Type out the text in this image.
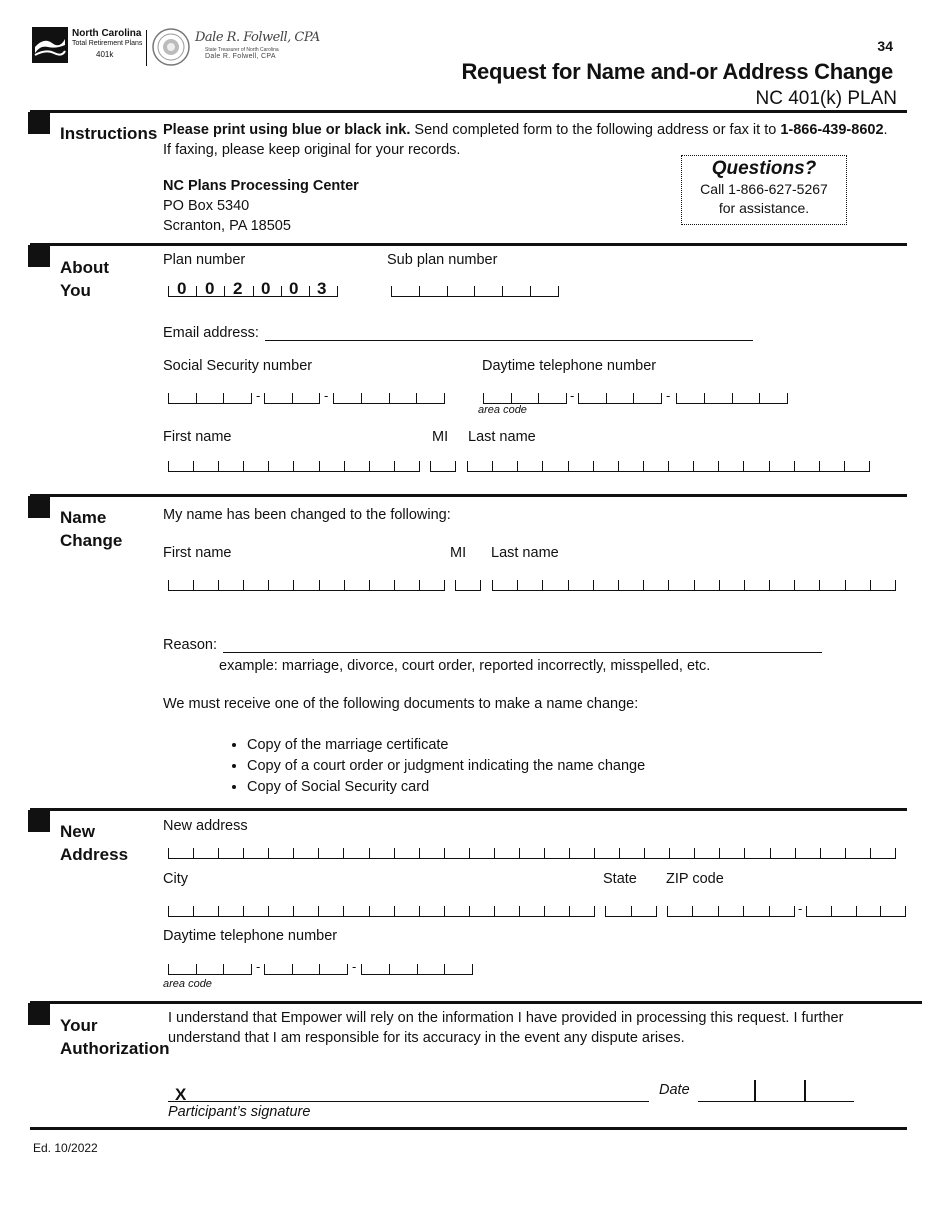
North Carolina
Total Retirement Plans
401k
Dale R. Folwell, CPA
State Treasurer of North Carolina
Dale R. Folwell, CPA
34
Request for Name and-or Address Change
NC 401(k) PLAN
Instructions Please print using blue or black ink. Send completed form to the following address or fax it to 1-866-439-8602. If faxing, please keep original for your records.
NC Plans Processing Center
PO Box 5340
Scranton, PA 18505
Questions?
Call 1-866-627-5267
for assistance.
About
You
Plan number
0 0 2 0 0 3
Sub plan number
Email address:
Social Security number
-	-
Daytime telephone number
-	-
area code
First name	MI Last name
Name
Change
My name has been changed to the following:
First name	MI Last name
Reason:
example: marriage, divorce, court order, reported incorrectly, misspelled, etc.
We must receive one of the following documents to make a name change:
• Copy of the marriage certificate
• Copy of a court order or judgment indicating the name change
• Copy of Social Security card
New
Address
New address
City	State ZIP code
-
Daytime telephone number
-	-
area code
Your
Authorization
I understand that Empower will rely on the information I have provided in processing this request. I further understand that I am responsible for its accuracy in the event any dispute arises.
X
Participant’s signature
Date
Ed. 10/2022
